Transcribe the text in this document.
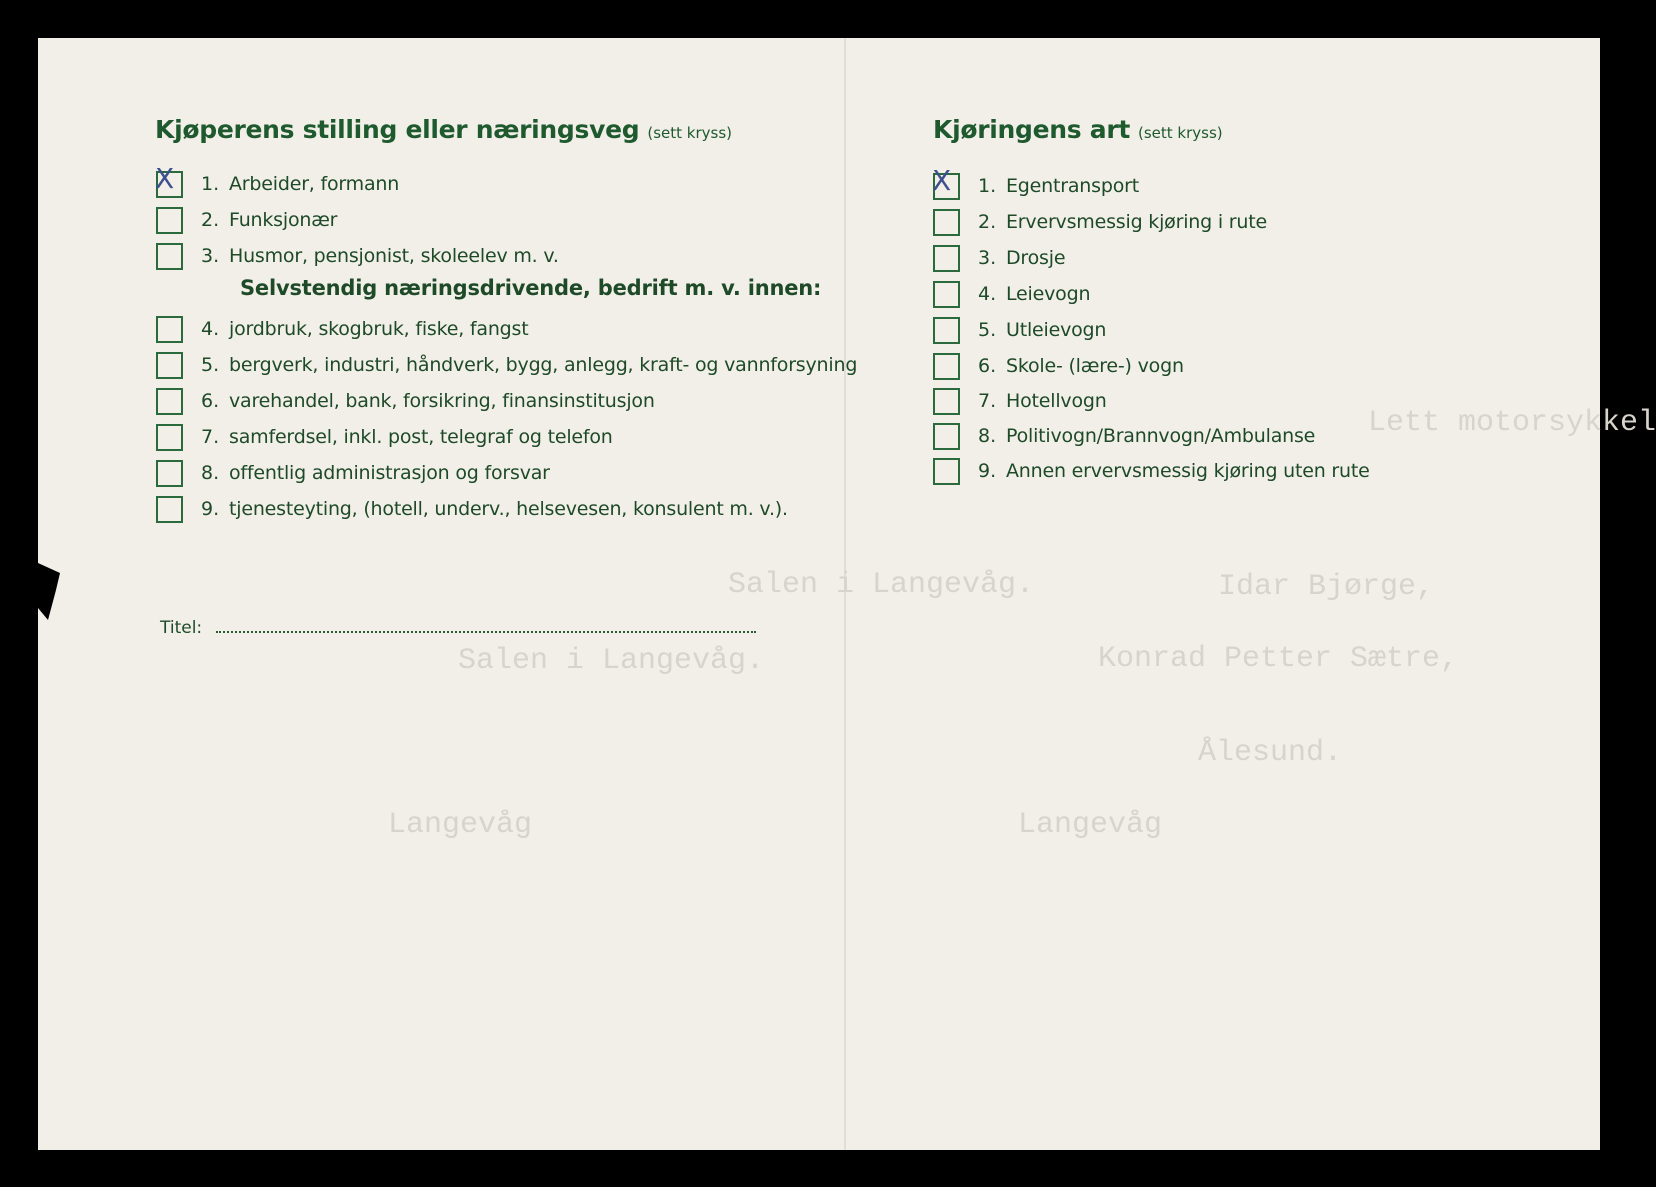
Lett motorsykkel
Idar Bjørge,
Salen i Langevåg.
Konrad Petter Sætre,
Salen i Langevåg.
Ålesund.
Langevåg
Langevåg
Kjøperens stilling eller næringsveg (sett kryss)
X 1. Arbeider, formann
2. Funksjonær
3. Husmor, pensjonist, skoleelev m. v.
Selvstendig næringsdrivende, bedrift m. v. innen:
4. jordbruk, skogbruk, fiske, fangst
5. bergverk, industri, håndverk, bygg, anlegg, kraft- og vannforsyning
6. varehandel, bank, forsikring, finansinstitusjon
7. samferdsel, inkl. post, telegraf og telefon
8. offentlig administrasjon og forsvar
9. tjenesteyting, (hotell, underv., helsevesen, konsulent m. v.).
Titel:
Kjøringens art (sett kryss)
X 1. Egentransport
2. Ervervsmessig kjøring i rute
3. Drosje
4. Leievogn
5. Utleievogn
6. Skole- (lære-) vogn
7. Hotellvogn
8. Politivogn/Brannvogn/Ambulanse
9. Annen ervervsmessig kjøring uten rute
